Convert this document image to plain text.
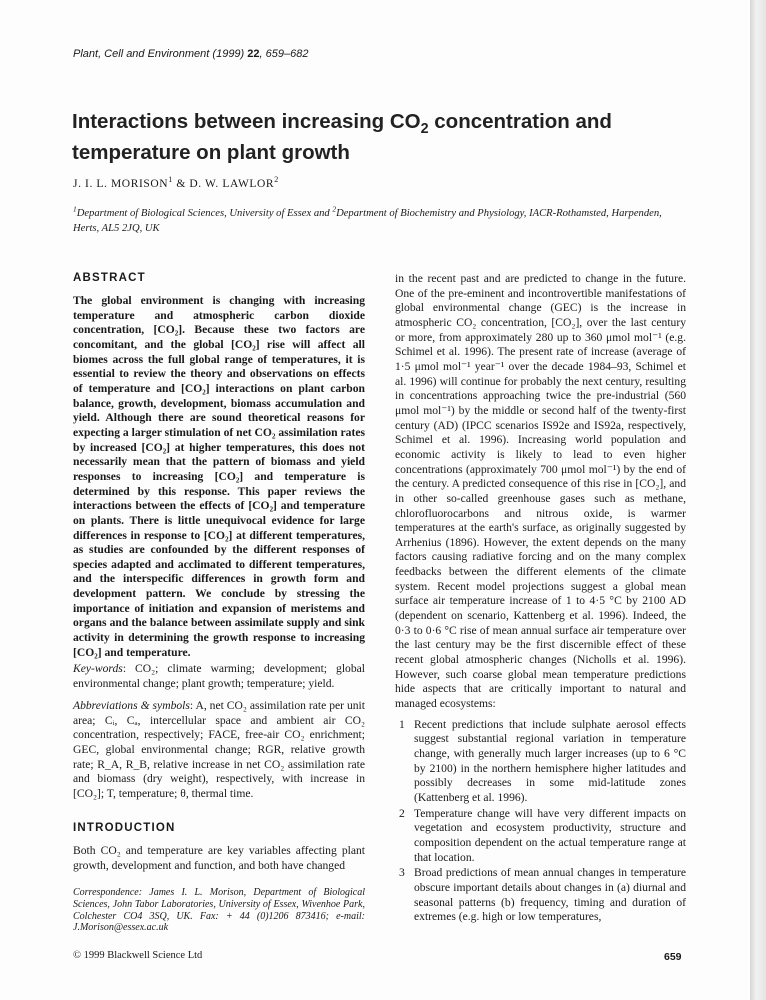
Plant, Cell and Environment (1999) 22, 659–682
Interactions between increasing $CO_2$ concentration and temperature on plant growth
J. I. L. MORISON$^1$ & D. W. LAWLOR$^2$
$^1$Department of Biological Sciences, University of Essex and $^2$Department of Biochemistry and Physiology, IACR-Rothamsted, Harpenden, Herts, AL5 2JQ, UK
ABSTRACT
The global environment is changing with increasing temperature and atmospheric carbon dioxide concentration, [CO₂]. Because these two factors are concomitant, and the global [CO₂] rise will affect all biomes across the full global range of temperatures, it is essential to review the theory and observations on effects of temperature and [CO₂] interactions on plant carbon balance, growth, development, biomass accumulation and yield. Although there are sound theoretical reasons for expecting a larger stimulation of net CO₂ assimilation rates by increased [CO₂] at higher temperatures, this does not necessarily mean that the pattern of biomass and yield responses to increasing [CO₂] and temperature is determined by this response. This paper reviews the interactions between the effects of [CO₂] and temperature on plants. There is little unequivocal evidence for large differences in response to [CO₂] at different temperatures, as studies are confounded by the different responses of species adapted and acclimated to different temperatures, and the interspecific differences in growth form and development pattern. We conclude by stressing the importance of initiation and expansion of meristems and organs and the balance between assimilate supply and sink activity in determining the growth response to increasing [CO₂] and temperature.
Key-words: CO₂; climate warming; development; global environmental change; plant growth; temperature; yield.
Abbreviations & symbols: A, net CO₂ assimilation rate per unit area; Cᵢ, Cₐ, intercellular space and ambient air CO₂ concentration, respectively; FACE, free-air CO₂ enrichment; GEC, global environmental change; RGR, relative growth rate; R_A, R_B, relative increase in net CO₂ assimilation rate and biomass (dry weight), respectively, with increase in [CO₂]; T, temperature; θ, thermal time.
INTRODUCTION
Both CO₂ and temperature are key variables affecting plant growth, development and function, and both have changed
Correspondence: James I. L. Morison, Department of Biological Sciences, John Tabor Laboratories, University of Essex, Wivenhoe Park, Colchester CO4 3SQ, UK. Fax: + 44 (0)1206 873416; e-mail: J.Morison@essex.ac.uk

in the recent past and are predicted to change in the future. One of the pre-eminent and incontrovertible manifestations of global environmental change (GEC) is the increase in atmospheric CO₂ concentration, [CO₂], over the last century or more, from approximately 280 up to 360 μmol mol⁻¹ (e.g. Schimel et al. 1996). The present rate of increase (average of 1·5 μmol mol⁻¹ year⁻¹ over the decade 1984–93, Schimel et al. 1996) will continue for probably the next century, resulting in concentrations approaching twice the pre-industrial (560 μmol mol⁻¹) by the middle or second half of the twenty-first century (AD) (IPCC scenarios IS92e and IS92a, respectively, Schimel et al. 1996). Increasing world population and economic activity is likely to lead to even higher concentrations (approximately 700 μmol mol⁻¹) by the end of the century. A predicted consequence of this rise in [CO₂], and in other so-called greenhouse gases such as methane, chlorofluorocarbons and nitrous oxide, is warmer temperatures at the earth's surface, as originally suggested by Arrhenius (1896). However, the extent depends on the many factors causing radiative forcing and on the many complex feedbacks between the different elements of the climate system. Recent model projections suggest a global mean surface air temperature increase of 1 to 4·5 °C by 2100 AD (dependent on scenario, Kattenberg et al. 1996). Indeed, the 0·3 to 0·6 °C rise of mean annual surface air temperature over the last century may be the first discernible effect of these recent global atmospheric changes (Nicholls et al. 1996). However, such coarse global mean temperature predictions hide aspects that are critically important to natural and managed ecosystems:

1 Recent predictions that include sulphate aerosol effects suggest substantial regional variation in temperature change, with generally much larger increases (up to 6 °C by 2100) in the northern hemisphere higher latitudes and possibly decreases in some mid-latitude zones (Kattenberg et al. 1996).
2 Temperature change will have very different impacts on vegetation and ecosystem productivity, structure and composition dependent on the actual temperature range at that location.
3 Broad predictions of mean annual changes in temperature obscure important details about changes in (a) diurnal and seasonal patterns (b) frequency, timing and duration of extremes (e.g. high or low temperatures,
© 1999 Blackwell Science Ltd	659
